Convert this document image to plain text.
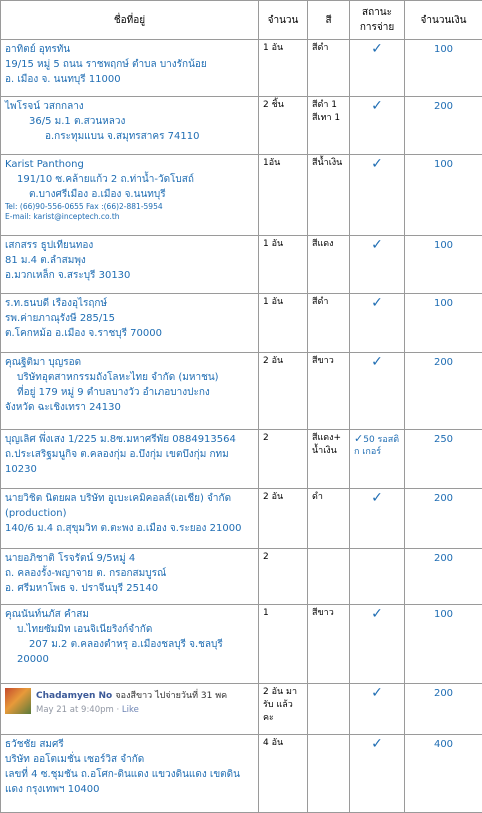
ชื่อที่อยู่	จำนวน	สี	สถานะ การจ่าย	จำนวนเงิน

อาทิตย์ อุทรทัน
19/15 หมู่ 5 ถนน ราชพฤกษ์ ตำบล บางรักน้อย
อ. เมือง จ. นนทบุรี 11000	1 อัน	สีดำ	✓	100

ไพโรจน์ วสกกลาง
36/5 ม.1 ต.สวนหลวง
อ.กระทุมแบน จ.สมุทรสาคร 74110	2 ชิ้น	สีดำ 1 สีเทา 1	✓	200

Karist Panthong
191/10 ซ.คล้ายแก้ว 2 ถ.ท่าน้ำ-วัดโบสถ์
ต.บางศรีเมือง อ.เมือง จ.นนทบุรี
Tel: (66)90-556-0655 Fax :(66)2-881-5954
E-mail: karist@inceptech.co.th	1อัน	สีน้ำเงิน	✓	100

เสกสรร ธูปเทียนทอง
81 ม.4 ต.ลำสมพุง
อ.มวกเหล็ก จ.สระบุรี 30130	1 อัน	สีแดง	✓	100

ร.ท.ธนบดี เรืองอุไรฤกษ์
รพ.ค่ายภาณุรังษี 285/15
ต.โคกหม้อ อ.เมือง จ.ราชบุรี 70000	1 อัน	สีดำ	✓	100

คุณฐิติมา บุญรอด
บริษัทอุตสาหกรรมถังโลหะไทย จำกัด (มหาชน)
ที่อยู่ 179 หมู่ 9 ตำบลบางวัว อำเภอบางปะกง
จังหวัด ฉะเชิงเทรา 24130	2 อัน	สีขาว	✓	200

บุญเลิศ พึ่งเสง 1/225 ม.8ซ.มหาศรีพัย 0884913564
ถ.ประเสริฐมนูกิจ ต.คลองกุ่ม อ.บึงกุ่ม เขตบึงกุ่ม กทม
10230	2	สีแดง+ น้ำเงิน	✓50 รอสติก เกอร์	250

นายวิชิต นิตยผล บริษัท อูเบะเคมิคอลส์(เอเชีย) จำกัด
(production)
140/6 ม.4 ถ.สุขุมวิท ต.ตะพง อ.เมือง จ.ระยอง 21000	2 อัน	ดำ	✓	200

นายอภิชาติ โรจรัตน์ 9/5หมู่ 4
ถ. คลองรั้ง-พญาจาย ต. กรอกสมบูรณ์
อ. ศรีมหาโพธ จ. ปราจีนบุรี 25140	2			200

คุณนันท์นภัส คำสม
บ.ไทยซัมมิท เอนจิเนียริงก์จำกัด
207 ม.2 ต.คลองตำหรุ อ.เมืองชลบุรี จ.ชลบุรี
20000	1	สีขาว	✓	100

Chadamyen No จองสีขาว ไปจ่ายวันที่ 31 พค
May 21 at 9:40pm · Like	2 อัน มารับ แล้วคะ		✓	200

ธวัชชัย สมศรี
บริษัท ออโตเมชั่น เซอร์วิส จำกัด
เลขที่ 4 ซ.ชุมชัน ถ.อโศก-ดินแดง แขวงดินแดง เขตดิน
แดง กรุงเทพฯ 10400	4 อัน		✓	400
